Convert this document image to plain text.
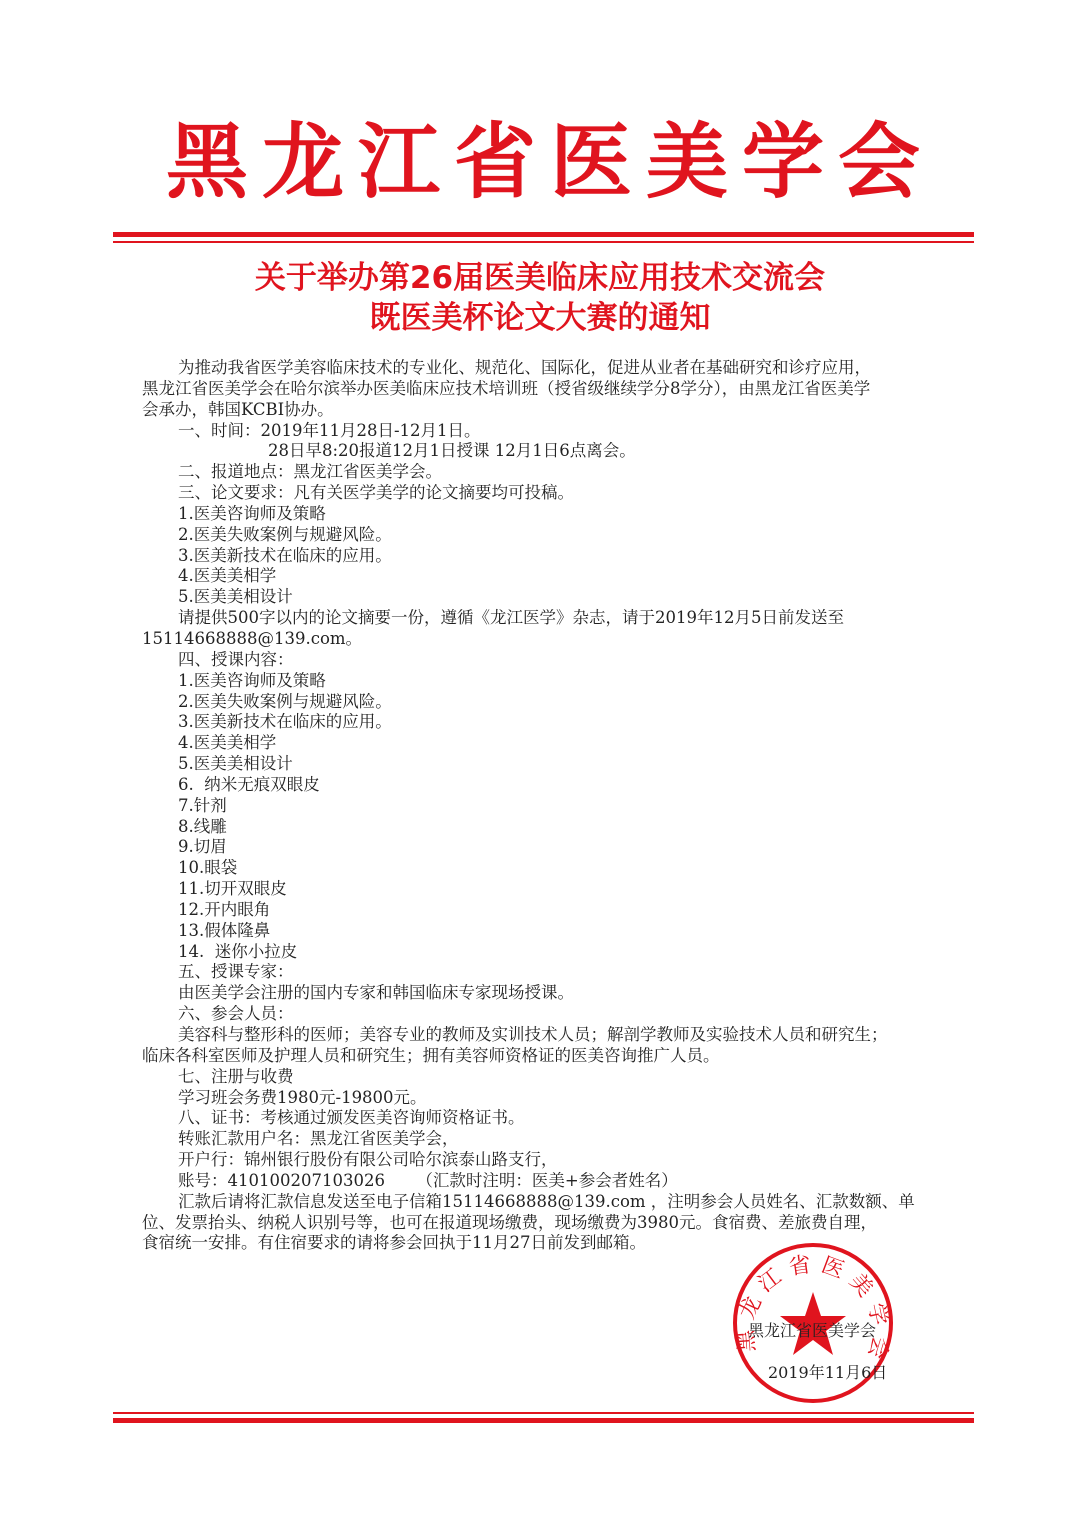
黑龙江省医美学会
关于举办第26届医美临床应用技术交流会
既医美杯论文大赛的通知
为推动我省医学美容临床技术的专业化、规范化、国际化，促进从业者在基础研究和诊疗应用，
黑龙江省医美学会在哈尔滨举办医美临床应技术培训班（授省级继续学分8学分），由黑龙江省医美学
会承办，韩国KCBI协办。
一、时间：2019年11月28日-12月1日。
28日早8:20报道12月1日授课 12月1日6点离会。
二、报道地点：黑龙江省医美学会。
三、论文要求：凡有关医学美学的论文摘要均可投稿。
1.医美咨询师及策略
2.医美失败案例与规避风险。
3.医美新技术在临床的应用。
4.医美美相学
5.医美美相设计
请提供500字以内的论文摘要一份，遵循《龙江医学》杂志，请于2019年12月5日前发送至
15114668888@139.com。
四、授课内容：
1.医美咨询师及策略
2.医美失败案例与规避风险。
3.医美新技术在临床的应用。
4.医美美相学
5.医美美相设计
6.  纳米无痕双眼皮
7.针剂
8.线雕
9.切眉
10.眼袋
11.切开双眼皮
12.开内眼角
13.假体隆鼻
14.  迷你小拉皮
五、授课专家：
由医美学会注册的国内专家和韩国临床专家现场授课。
六、参会人员：
美容科与整形科的医师；美容专业的教师及实训技术人员；解剖学教师及实验技术人员和研究生；
临床各科室医师及护理人员和研究生；拥有美容师资格证的医美咨询推广人员。
七、注册与收费
学习班会务费1980元-19800元。
八、证书：考核通过颁发医美咨询师资格证书。
转账汇款用户名：黑龙江省医美学会，
开户行：锦州银行股份有限公司哈尔滨泰山路支行，
账号：410100207103026      （汇款时注明：医美+参会者姓名）
汇款后请将汇款信息发送至电子信箱15114668888@139.com ，注明参会人员姓名、汇款数额、单
位、发票抬头、纳税人识别号等，也可在报道现场缴费，现场缴费为3980元。食宿费、差旅费自理，
食宿统一安排。有住宿要求的请将参会回执于11月27日前发到邮箱。
黑龙江省医美学会
黑龙江省医美学会
2019年11月6日
